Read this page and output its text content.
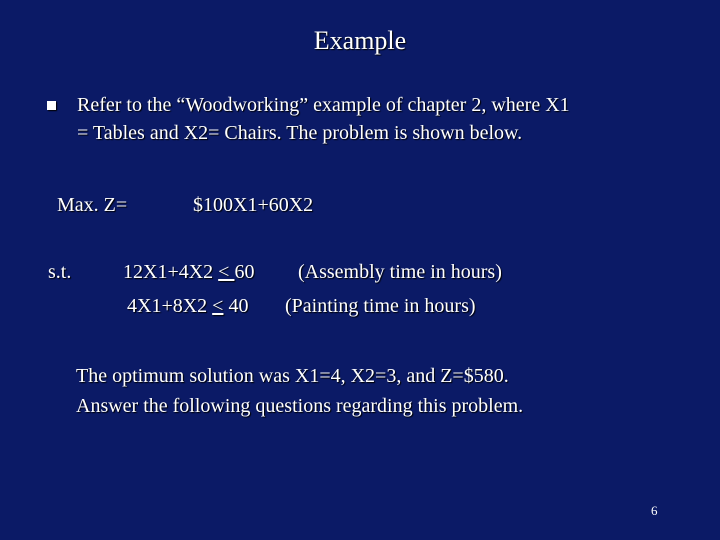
Example
Refer to the “Woodworking” example of chapter 2, where X1
= Tables and X2= Chairs. The problem is shown below.
Max. Z=	$100X1+60X2
s.t.	12X1+4X2 < 60 (Assembly time in hours)
4X1+8X2 < 40 (Painting time in hours)
The optimum solution was X1=4, X2=3, and Z=$580.
Answer the following questions regarding this problem.
6
